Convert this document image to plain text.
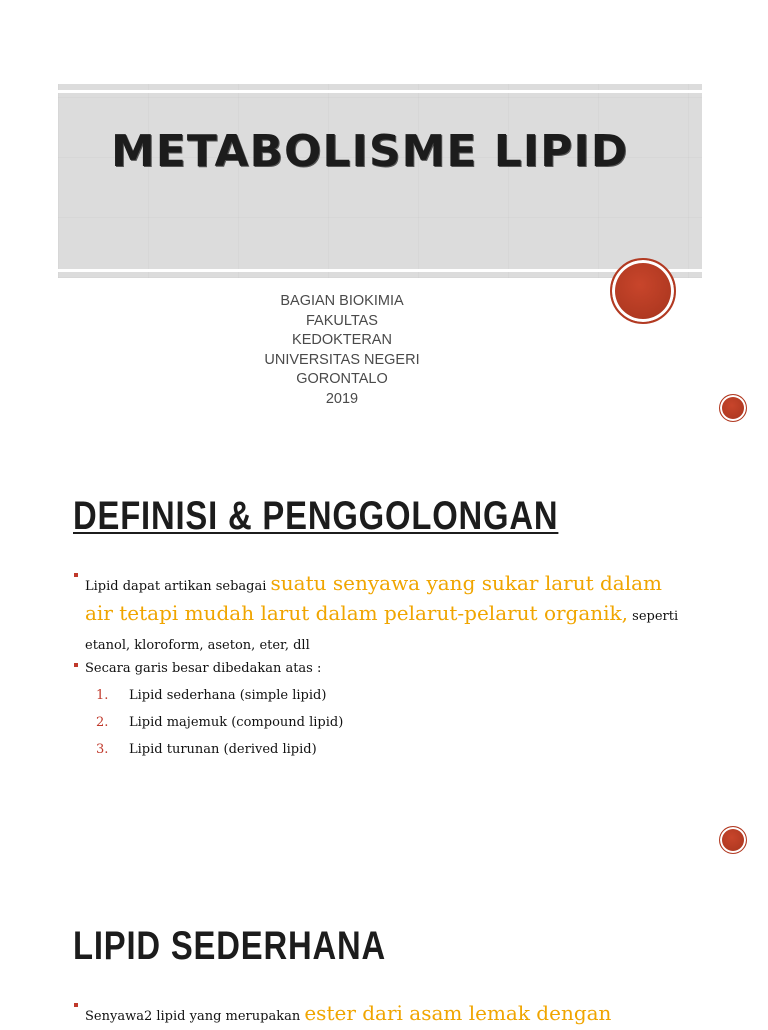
METABOLISME LIPID
BAGIAN BIOKIMIA
FAKULTAS
KEDOKTERAN
UNIVERSITAS NEGERI
GORONTALO
2019
DEFINISI & PENGGOLONGAN
Lipid dapat artikan sebagai suatu senyawa yang sukar larut dalam air tetapi mudah larut dalam pelarut-pelarut organik, seperti etanol, kloroform, aseton, eter, dll
Secara garis besar dibedakan atas :
1. Lipid sederhana (simple lipid)
2. Lipid majemuk (compound lipid)
3. Lipid turunan (derived lipid)
LIPID SEDERHANA
Senyawa2 lipid yang merupakan ester dari asam lemak dengan
